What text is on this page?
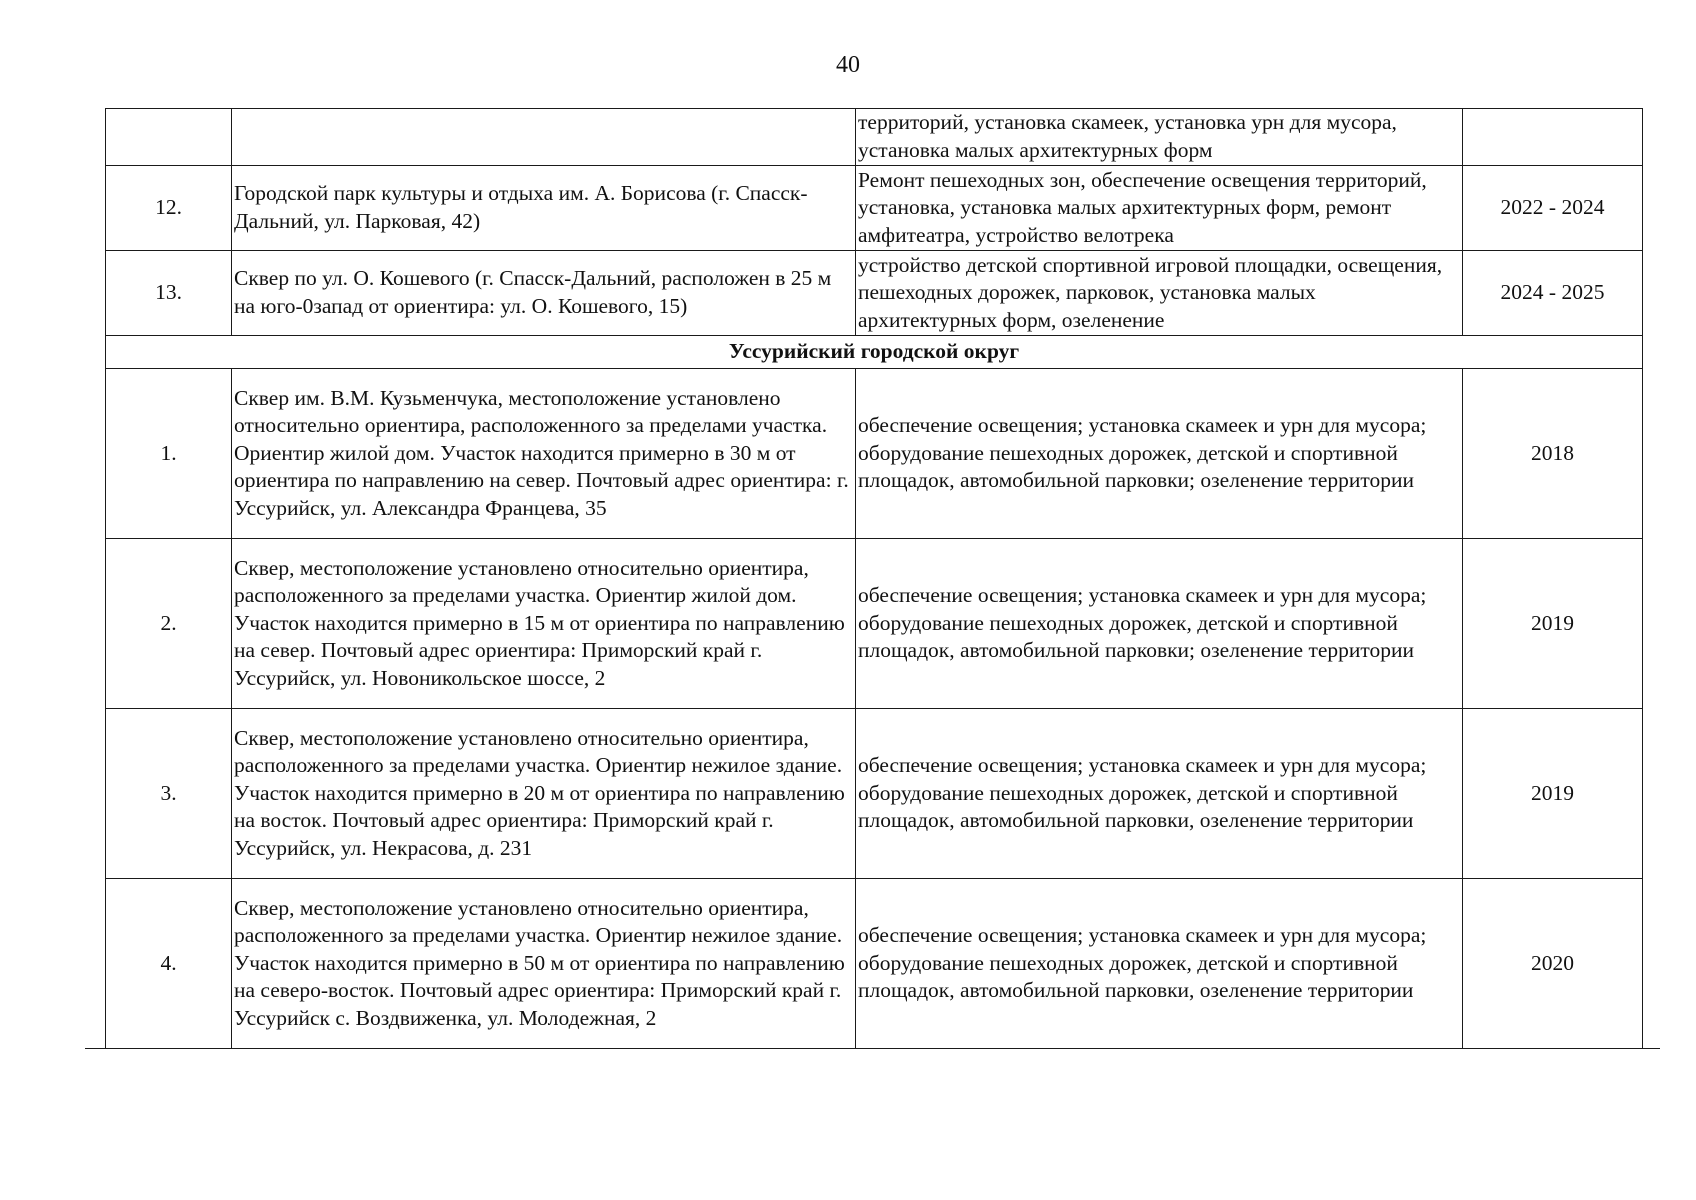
40
		территорий, установка скамеек, установка урн для мусора, установка малых архитектурных форм	
12.	Городской парк культуры и отдыха им. А. Борисова (г. Спасск-Дальний, ул. Парковая, 42)	Ремонт пешеходных зон, обеспечение освещения территорий, установка, установка малых архитектурных форм, ремонт амфитеатра, устройство велотрека	2022 - 2024
13.	Сквер по ул. О. Кошевого (г. Спасск-Дальний, расположен в 25 м на юго-0запад от ориентира: ул. О. Кошевого, 15)	устройство детской спортивной игровой площадки, освещения, пешеходных дорожек, парковок, установка малых архитектурных форм, озеленение	2024 - 2025
Уссурийский городской округ			
1.	Сквер им. В.М. Кузьменчука, местоположение установлено относительно ориентира, расположенного за пределами участка. Ориентир жилой дом. Участок находится примерно в 30 м от ориентира по направлению на север. Почтовый адрес ориентира: г. Уссурийск, ул. Александра Францева, 35	обеспечение освещения; установка скамеек и урн для мусора; оборудование пешеходных дорожек, детской и спортивной площадок, автомобильной парковки; озеленение территории	2018
2.	Сквер, местоположение установлено относительно ориентира, расположенного за пределами участка. Ориентир жилой дом. Участок находится примерно в 15 м от ориентира по направлению на север. Почтовый адрес ориентира: Приморский край г. Уссурийск, ул. Новоникольское шоссе, 2	обеспечение освещения; установка скамеек и урн для мусора; оборудование пешеходных дорожек, детской и спортивной площадок, автомобильной парковки; озеленение территории	2019
3.	Сквер, местоположение установлено относительно ориентира, расположенного за пределами участка. Ориентир нежилое здание. Участок находится примерно в 20 м от ориентира по направлению на восток. Почтовый адрес ориентира: Приморский край г. Уссурийск, ул. Некрасова, д. 231	обеспечение освещения; установка скамеек и урн для мусора; оборудование пешеходных дорожек, детской и спортивной площадок, автомобильной парковки, озеленение территории	2019
4.	Сквер, местоположение установлено относительно ориентира, расположенного за пределами участка. Ориентир нежилое здание. Участок находится примерно в 50 м от ориентира по направлению на северо-восток. Почтовый адрес ориентира: Приморский край г. Уссурийск с. Воздвиженка, ул. Молодежная, 2	обеспечение освещения; установка скамеек и урн для мусора; оборудование пешеходных дорожек, детской и спортивной площадок, автомобильной парковки, озеленение территории	2020
